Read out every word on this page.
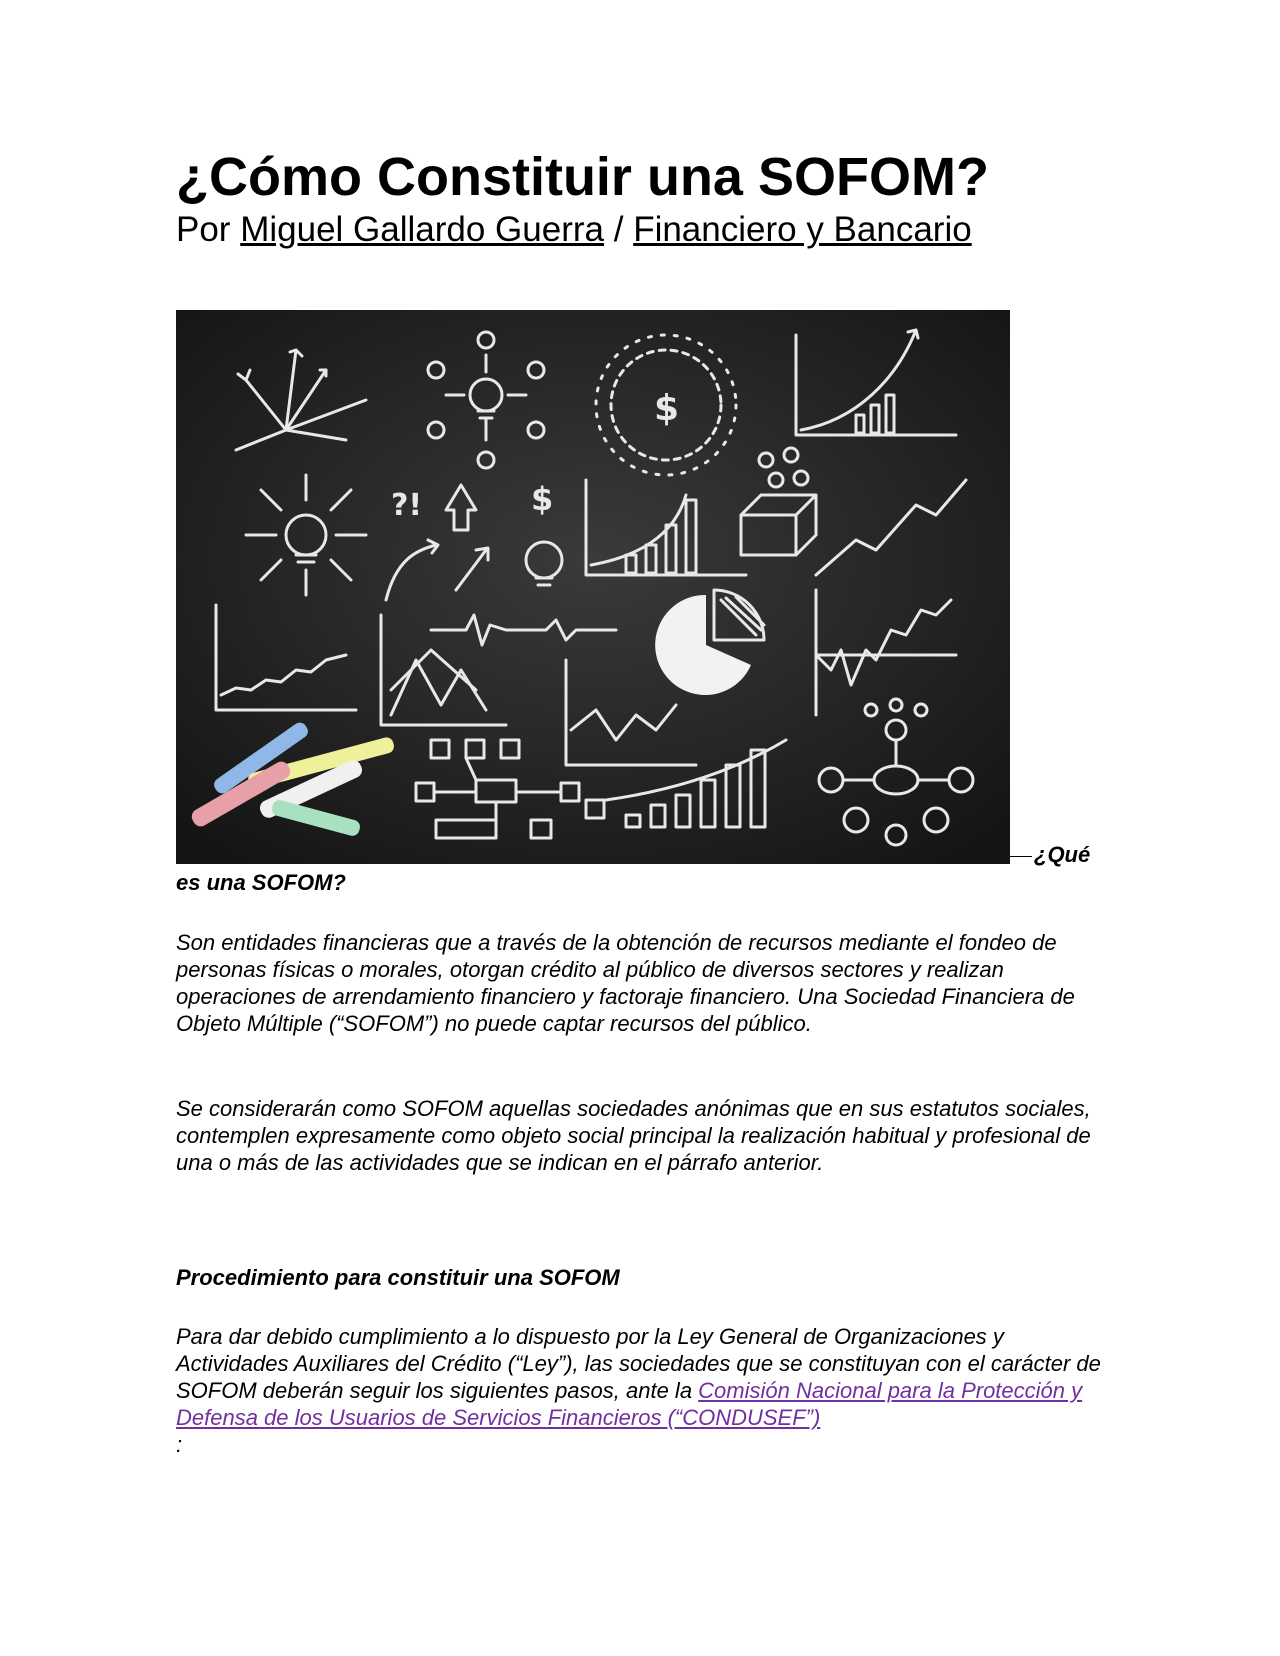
¿Cómo Constituir una SOFOM?
Por Miguel Gallardo Guerra / Financiero y Bancario
$
$
?!
¿Qué
es una SOFOM?

Son entidades financieras que a través de la obtención de recursos mediante el fondeo de personas físicas o morales, otorgan crédito al público de diversos sectores y realizan operaciones de arrendamiento financiero y factoraje financiero. Una Sociedad Financiera de Objeto Múltiple (“SOFOM”) no puede captar recursos del público.

Se considerarán como SOFOM aquellas sociedades anónimas que en sus estatutos sociales, contemplen expresamente como objeto social principal la realización habitual y profesional de una o más de las actividades que se indican en el párrafo anterior.

Procedimiento para constituir una SOFOM

Para dar debido cumplimiento a lo dispuesto por la Ley General de Organizaciones y Actividades Auxiliares del Crédito (“Ley”), las sociedades que se constituyan con el carácter de SOFOM deberán seguir los siguientes pasos, ante la Comisión Nacional para la Protección y Defensa de los Usuarios de Servicios Financieros (“CONDUSEF”)
:
